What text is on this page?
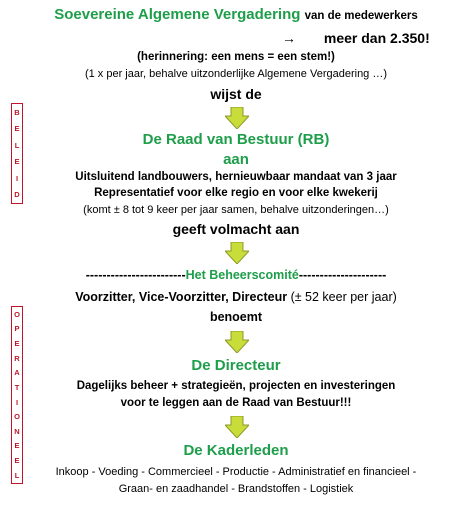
Soevereine Algemene Vergadering van de medewerkers
→ meer dan 2.350!
(herinnering: een mens = een stem!)
(1 x per jaar, behalve uitzonderlijke Algemene Vergadering …)
wijst de
De Raad van Bestuur (RB)
aan
Uitsluitend landbouwers, hernieuwbaar mandaat van 3 jaar
Representatief voor elke regio en voor elke kwekerij
(komt ± 8 tot 9 keer per jaar samen, behalve uitzonderingen…)
geeft volmacht aan
------------------------Het Beheerscomité---------------------
Voorzitter, Vice-Voorzitter, Directeur (± 52 keer per jaar)
benoemt
De Directeur
Dagelijks beheer + strategieën, projecten en investeringen
voor te leggen aan de Raad van Bestuur!!!
De Kaderleden
Inkoop - Voeding - Commercieel - Productie - Administratief en financieel -
Graan- en zaadhandel - Brandstoffen - Logistiek
B
E
L
E
I
D
O
P
E
R
A
T
I
O
N
E
E
L
